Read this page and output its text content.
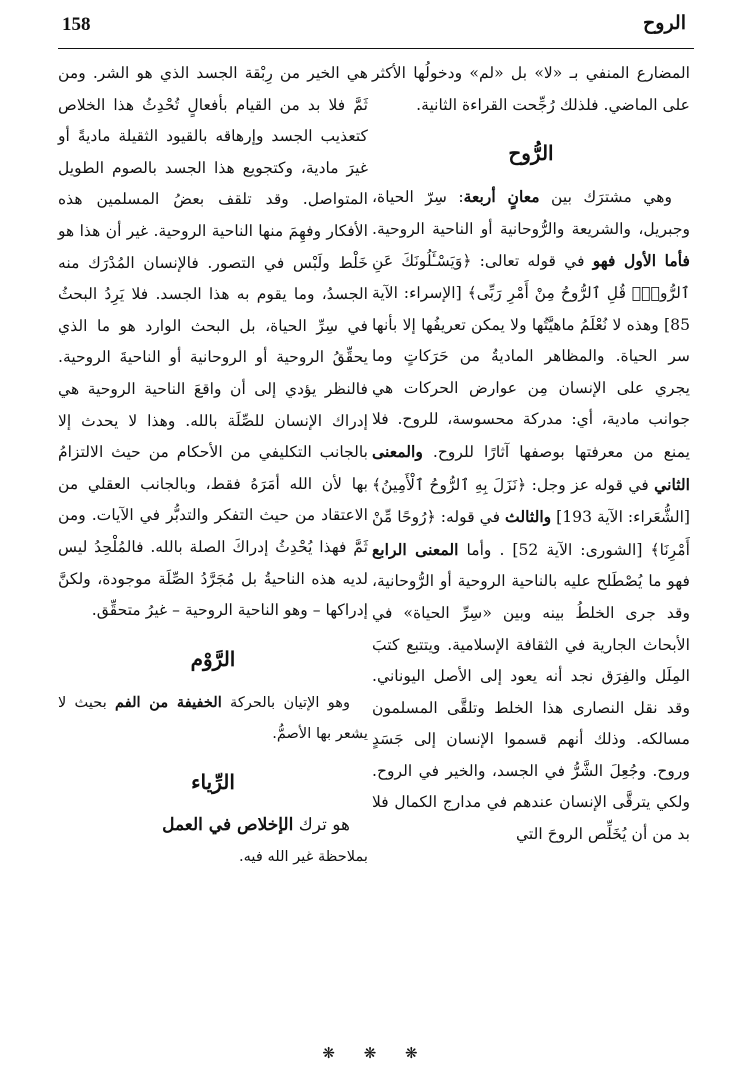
158	الروح

المضارع المنفي بـ «لا» بل «لم» ودخولُها الأكثر على الماضي. فلذلك رُجِّحت القراءة الثانية.

الرُّوح

وهي مشترَك بين معانٍ أربعة: سِرّ الحياة، وجبريل، والشريعة والرُّوحانية أو الناحية الروحية. فأما الأول فهو في قوله تعالى: ﴿وَيَسْـَٔلُونَكَ عَنِ ٱلرُّوحِۖ قُلِ ٱلرُّوحُ مِنْ أَمْرِ رَبِّى﴾ [الإسراء: الآية 85] وهذه لا نُعْلَمُ ماهيَّتُها ولا يمكن تعريفُها إلا بأنها سر الحياة. والمظاهر الماديةُ من حَرَكاتٍ وما يجري على الإنسان مِن عوارض الحركات هي جوانب مادية، أي: مدركة محسوسة، للروح. فلا يمنع من معرفتها بوصفها آثارًا للروح. والمعنى الثاني في قوله عز وجل: ﴿نَزَلَ بِهِ ٱلرُّوحُ ٱلْأَمِينُ﴾[الشُّعَراء: الآية 193] والثالث في قوله: ﴿رُوحًا مِّنْ أَمْرِنَا﴾ [الشورى: الآية 52] . وأما المعنى الرابع فهو ما يُصْطَلح عليه بالناحية الروحية أو الرُّوحانية، وقد جرى الخلطُ بينه وبين «سِرِّ الحياة» في الأبحاث الجارية في الثقافة الإسلامية. ويتتبع كتبَ المِلَل والفِرَق نجد أنه يعود إلى الأصل اليوناني. وقد نقل النصارى هذا الخلط وتلقَّى المسلمون مسالكه. وذلك أنهم قسموا الإنسان إلى جَسَدٍ وروح. وجُعِلَ الشَّرُّ في الجسد، والخير في الروح. ولكي يترقَّى الإنسان عندهم في مدارج الكمال فلا بد من أن يُخَلِّص الروحَ التي

هي الخير من رِبْقة الجسد الذي هو الشر. ومن ثَمَّ فلا بد من القيام بأفعالٍ تُحْدِثُ هذا الخلاص كتعذيب الجسد وإرهاقه بالقيود الثقيلة ماديةً أو غيرَ مادية، وكتجويع هذا الجسد بالصوم الطويل المتواصل. وقد تلقف بعضُ المسلمين هذه الأفكار وفهِمَ منها الناحية الروحية. غير أن هذا هو خَلْط ولَبْس في التصور. فالإنسان المُدْرَك منه الجسدُ، وما يقوم به هذا الجسد. فلا يَرِدُ البحثُ في سِرِّ الحياة، بل البحث الوارد هو ما الذي يحقِّقُ الروحية أو الروحانية أو الناحيةَ الروحية. فالنظر يؤدي إلى أن واقعَ الناحية الروحية هي إدراك الإنسان للصِّلَة بالله. وهذا لا يحدث إلا بالجانب التكليفي من الأحكام من حيث الالتزامُ بها لأن الله أمَرَهُ فقط، وبالجانب العقلي من الاعتقاد من حيث التفكر والتدبُّر في الآيات. ومن ثَمَّ فهذا يُحْدِثُ إدراكَ الصلة بالله. فالمُلْحِدُ ليس لديه هذه الناحيةُ بل مُجَرَّدُ الصِّلَة موجودة، ولكنَّ إدراكها – وهو الناحية الروحية – غيرُ متحقِّق.

الرَّوْم

وهو الإتيان بالحركة الخفيفة من الفم بحيث لا يشعر بها الأصمُّ.

الرِّياء

هو ترك الإخلاص في العمل
بملاحظة غير الله فيه.

❋ ❋ ❋
